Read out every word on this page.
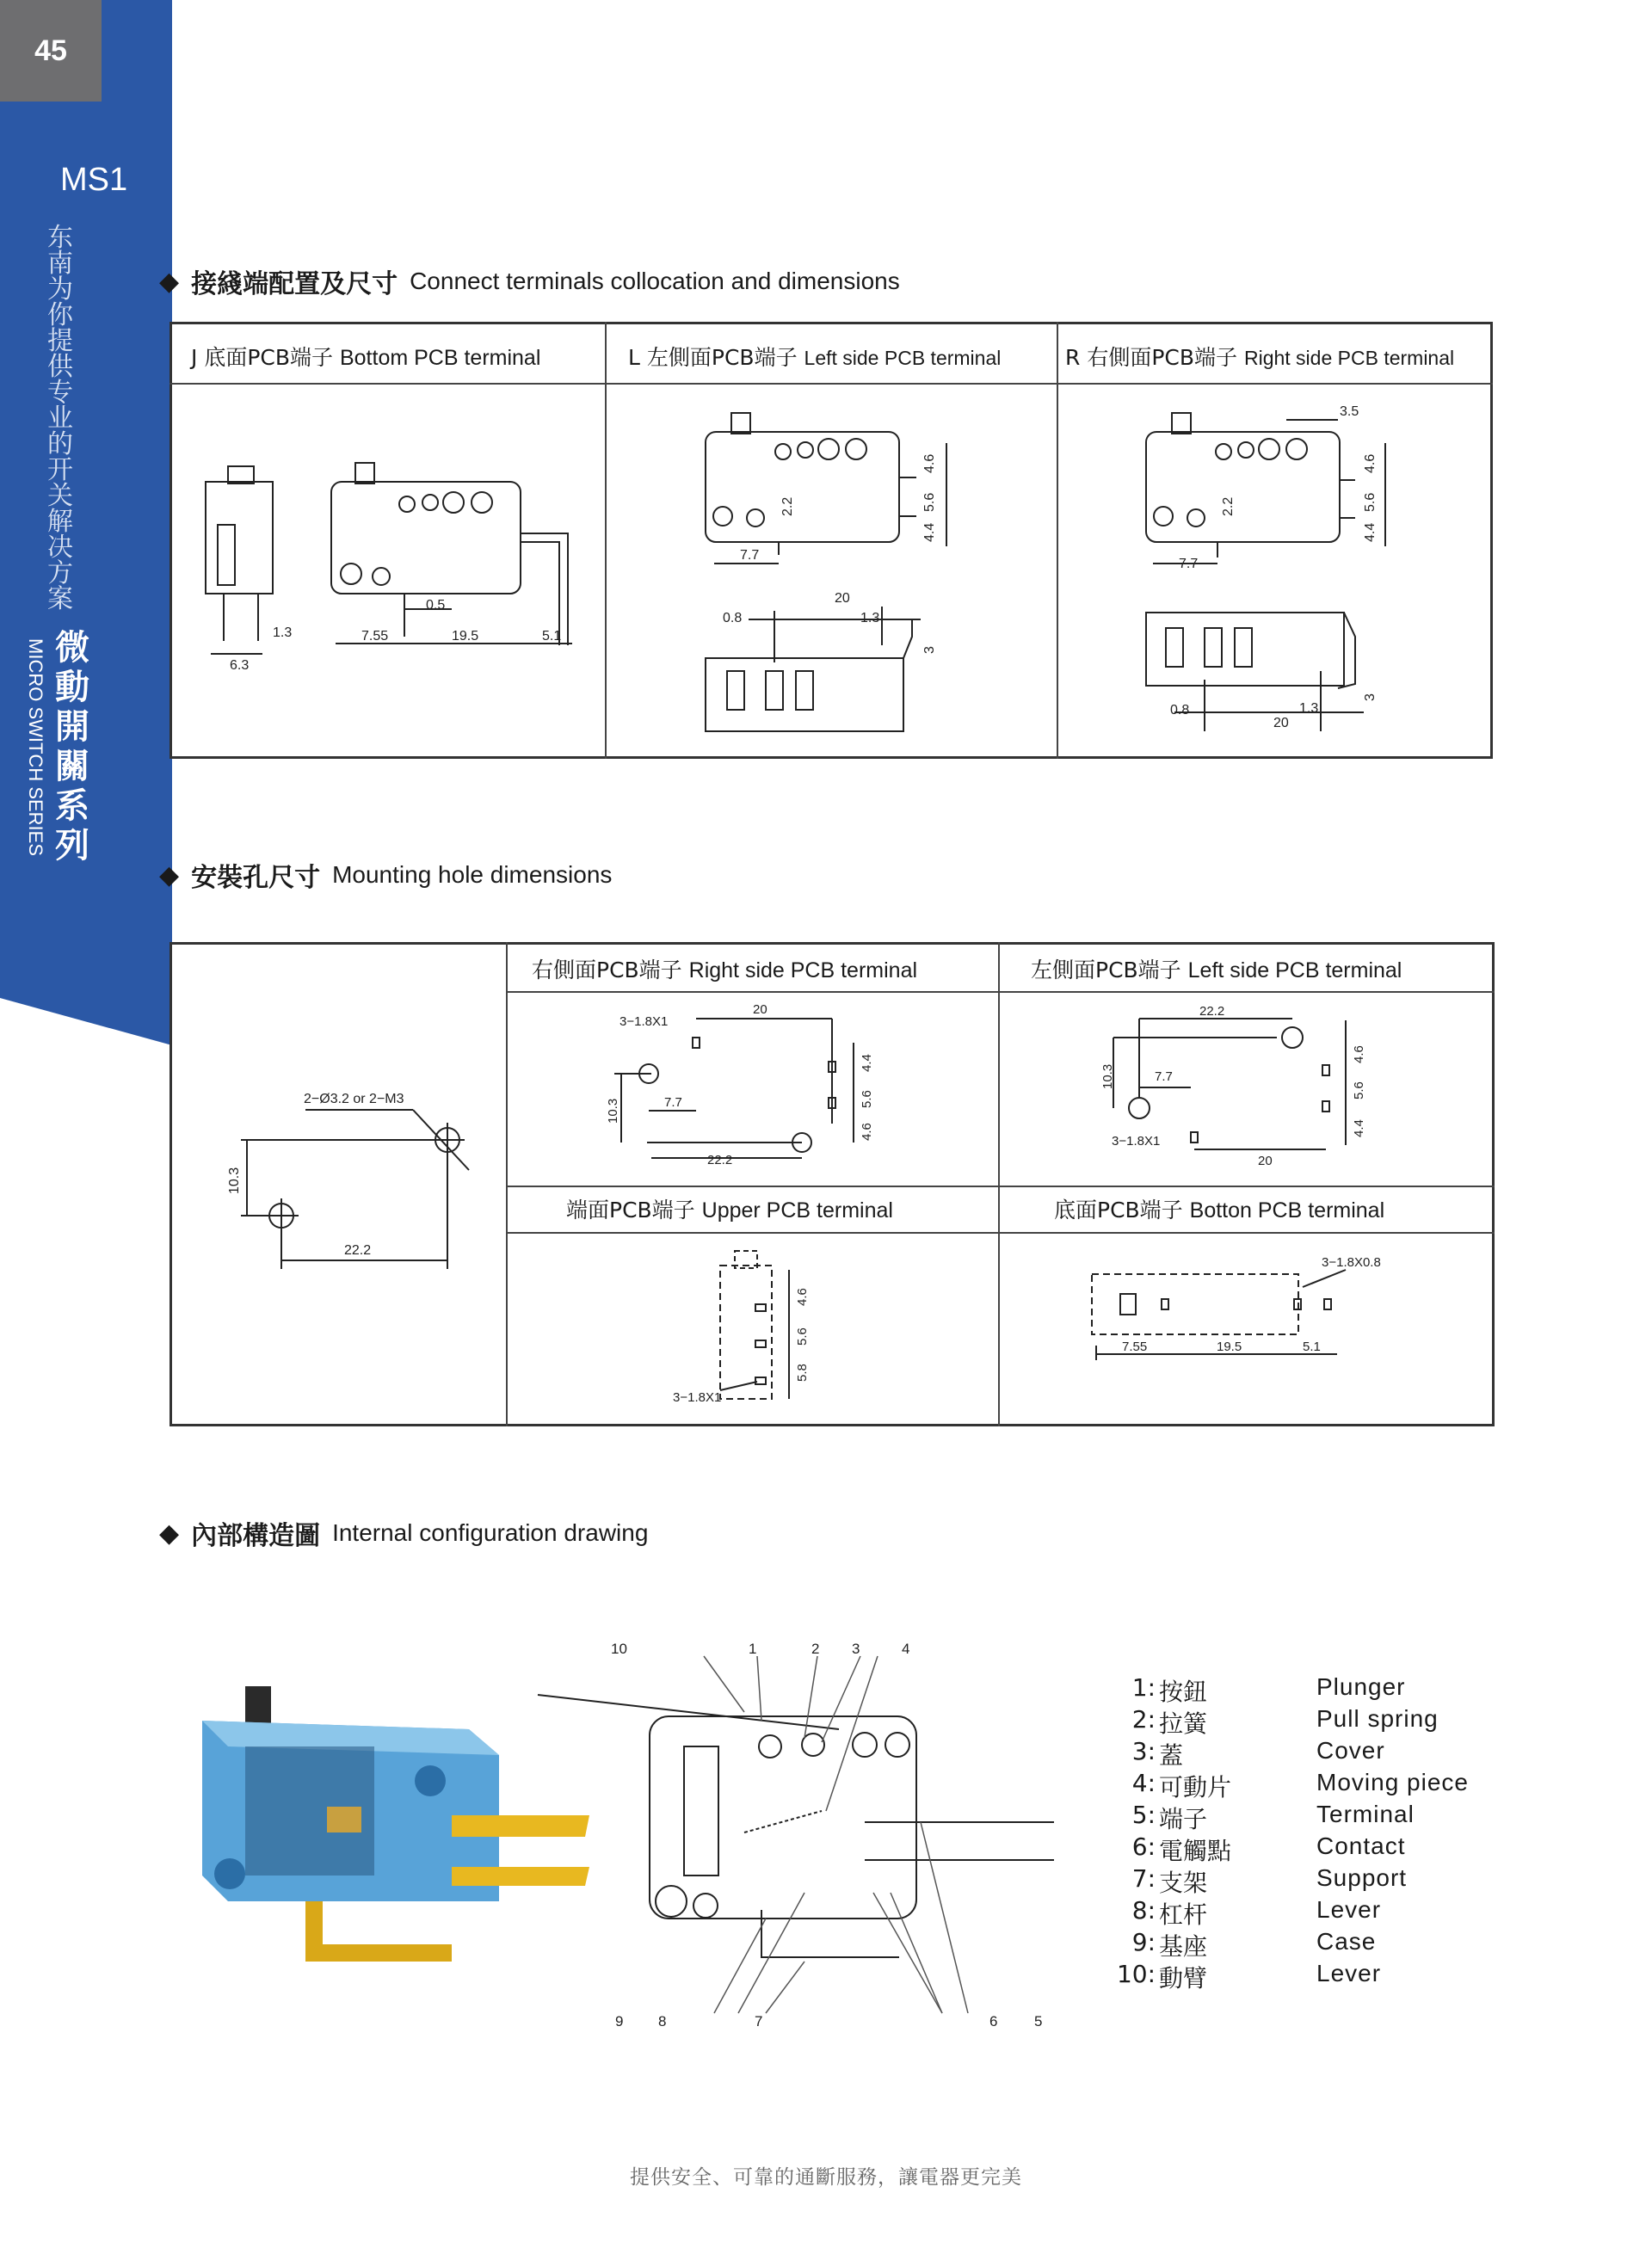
45
MS1
东南为你提供专业的开关解决方案
微動開關系列
MICRO SWITCH SERIES
◆ 接綫端配置及尺寸 Connect terminals collocation and dimensions
J 底面PCB端子 Bottom PCB terminal	L 左側面PCB端子 Left side PCB terminal	R 右側面PCB端子 Right side PCB terminal
1.3
6.3
0.5
7.55	19.5	5.1
4.6
5.6
4.4
2.2
7.7
20
0.8	1.3
3
3.5
4.6
5.6
4.4
2.2
7.7
0.8	1.3
20
3
◆ 安裝孔尺寸 Mounting hole dimensions
右側面PCB端子 Right side PCB terminal	左側面PCB端子 Left side PCB terminal
端面PCB端子 Upper PCB terminal	底面PCB端子 Botton PCB terminal
2−Ø3.2 or 2−M3
10.3
22.2
3−1.8X1
20
4.4
5.6
4.6
10.3	7.7
22.2
22.2
4.6
5.6
4.4
10.3	7.7
3−1.8X1
20
4.6
5.6
5.8
3−1.8X1
3−1.8X0.8
7.55	19.5	5.1
◆ 內部構造圖 Internal configuration drawing
10	1	2 3	4
9 8	7	6	5
1: 按鈕	Plunger
2: 拉簧	Pull spring
3: 蓋	Cover
4: 可動片	Moving piece
5: 端子	Terminal
6: 電觸點	Contact
7: 支架	Support
8: 杠杆	Lever
9: 基座	Case
10: 動臂	Lever
提供安全、可靠的通斷服務，讓電器更完美
